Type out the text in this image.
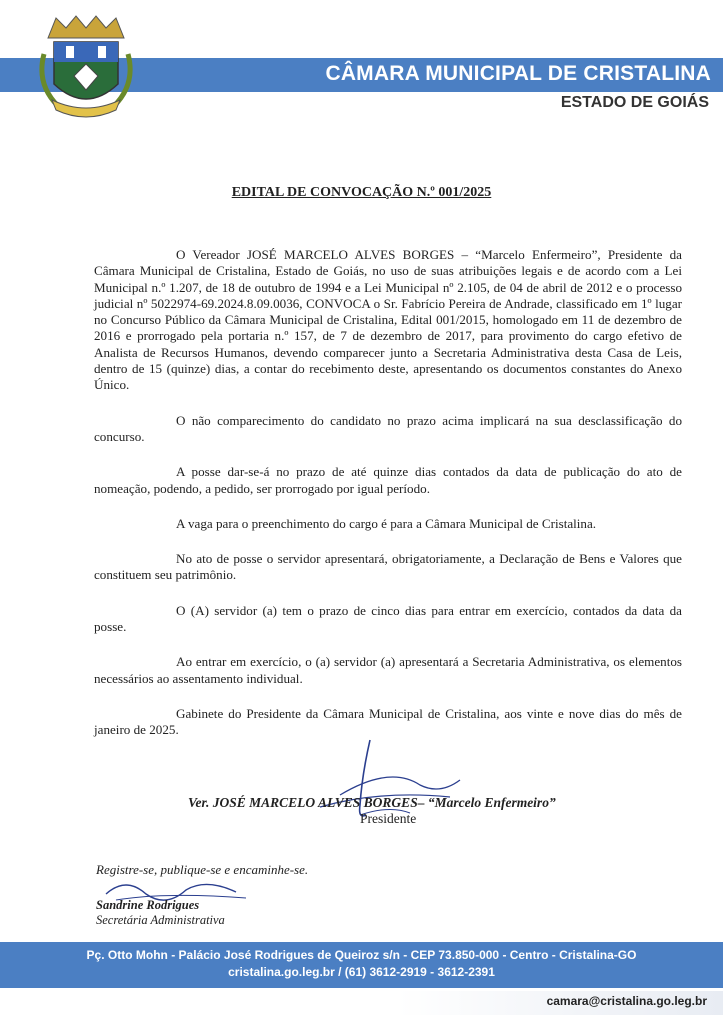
CÂMARA MUNICIPAL DE CRISTALINA
ESTADO DE GOIÁS
EDITAL DE CONVOCAÇÃO N.º 001/2025

O Vereador JOSÉ MARCELO ALVES BORGES – “Marcelo Enfermeiro”, Presidente da Câmara Municipal de Cristalina, Estado de Goiás, no uso de suas atribuições legais e de acordo com a Lei Municipal n.º 1.207, de 18 de outubro de 1994 e a Lei Municipal nº 2.105, de 04 de abril de 2012 e o processo judicial nº 5022974-69.2024.8.09.0036, CONVOCA o Sr. Fabrício Pereira de Andrade, classificado em 1º lugar no Concurso Público da Câmara Municipal de Cristalina, Edital 001/2015, homologado em 11 de dezembro de 2016 e prorrogado pela portaria n.º 157, de 7 de dezembro de 2017, para provimento do cargo efetivo de Analista de Recursos Humanos, devendo comparecer junto a Secretaria Administrativa desta Casa de Leis, dentro de 15 (quinze) dias, a contar do recebimento deste, apresentando os documentos constantes do Anexo Único.

O não comparecimento do candidato no prazo acima implicará na sua desclassificação do concurso.

A posse dar-se-á no prazo de até quinze dias contados da data de publicação do ato de nomeação, podendo, a pedido, ser prorrogado por igual período.

A vaga para o preenchimento do cargo é para a Câmara Municipal de Cristalina.

No ato de posse o servidor apresentará, obrigatoriamente, a Declaração de Bens e Valores que constituem seu patrimônio.

O (A) servidor (a) tem o prazo de cinco dias para entrar em exercício, contados da data da posse.

Ao entrar em exercício, o (a) servidor (a) apresentará a Secretaria Administrativa, os elementos necessários ao assentamento individual.

Gabinete do Presidente da Câmara Municipal de Cristalina, aos vinte e nove dias do mês de janeiro de 2025.

Ver. JOSÉ MARCELO ALVES BORGES– “Marcelo Enfermeiro”
Presidente
Registre-se, publique-se e encaminhe-se.
Sandrine Rodrigues
Secretária Administrativa
Pç. Otto Mohn - Palácio José Rodrigues de Queiroz s/n - CEP 73.850-000 - Centro - Cristalina-GO
cristalina.go.leg.br / (61) 3612-2919 - 3612-2391
camara@cristalina.go.leg.br
